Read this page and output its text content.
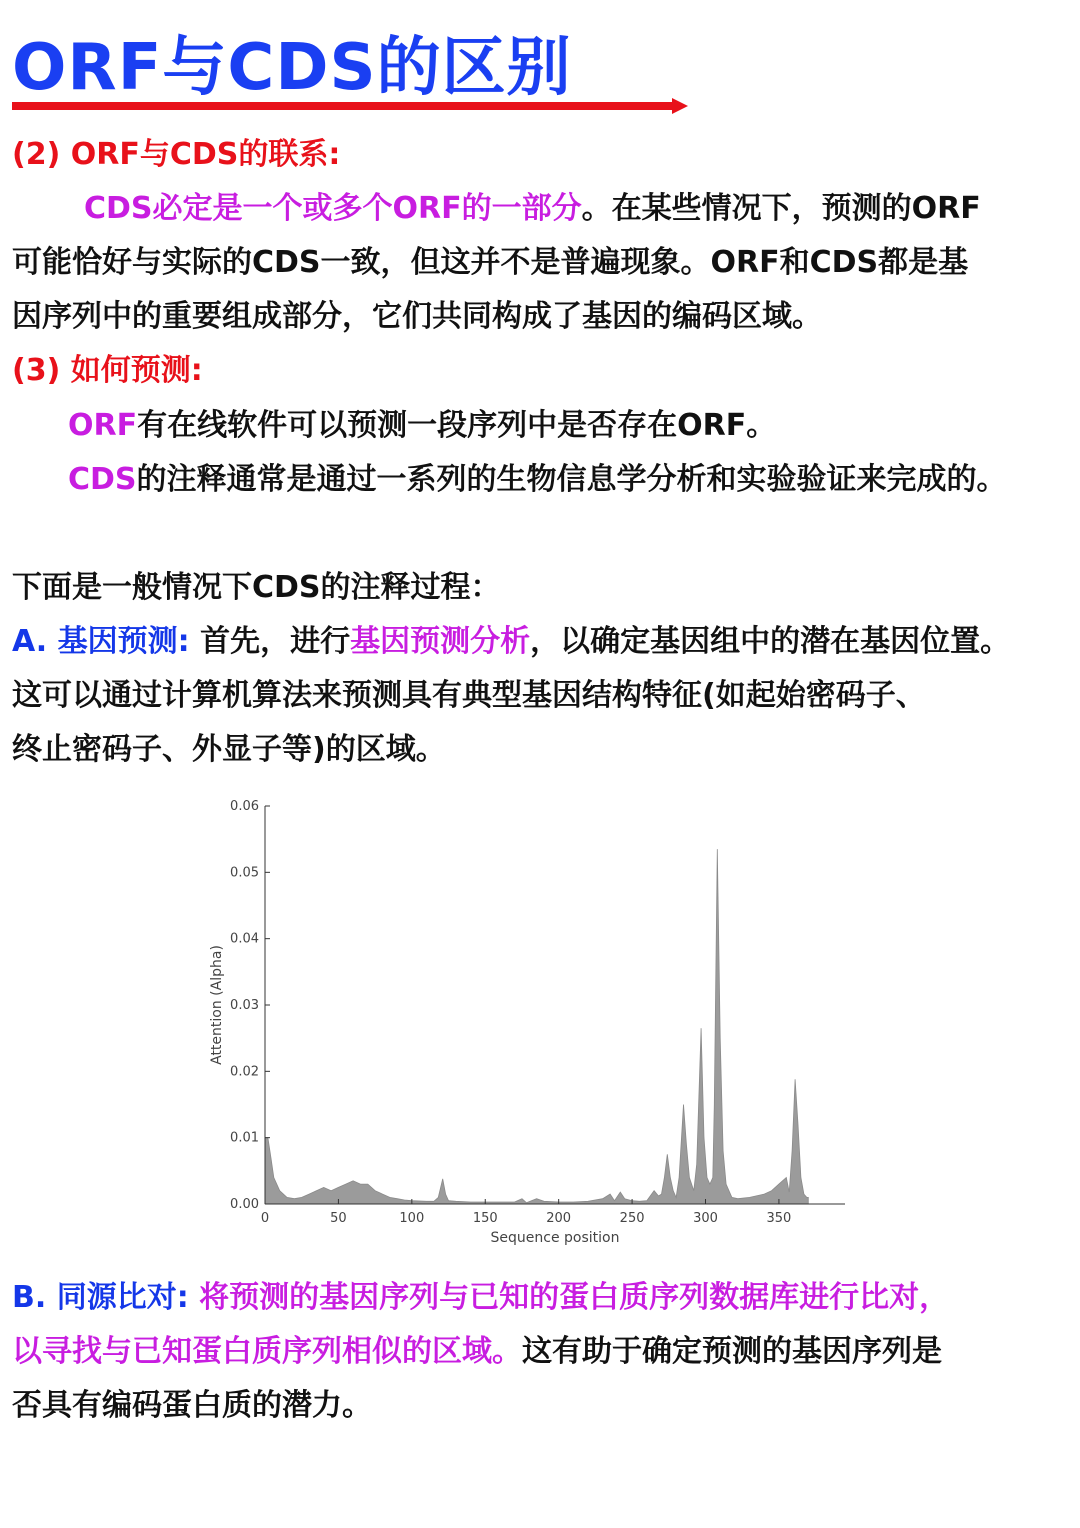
ORF与CDS的区别
(2) ORF与CDS的联系:
CDS必定是一个或多个ORF的一部分。在某些情况下，预测的ORF
可能恰好与实际的CDS一致，但这并不是普遍现象。ORF和CDS都是基
因序列中的重要组成部分，它们共同构成了基因的编码区域。
(3) 如何预测:
ORF有在线软件可以预测一段序列中是否存在ORF。
CDS的注释通常是通过一系列的生物信息学分析和实验验证来完成的。
下面是一般情况下CDS的注释过程：
A. 基因预测: 首先，进行基因预测分析，以确定基因组中的潜在基因位置。
这可以通过计算机算法来预测具有典型基因结构特征(如起始密码子、
终止密码子、外显子等)的区域。
0.00
0.01
0.02
0.03
0.04
0.05
0.06
0	50	100	150	200	250	300	350
Sequence position
Attention (Alpha)
B. 同源比对: 将预测的基因序列与已知的蛋白质序列数据库进行比对，
以寻找与已知蛋白质序列相似的区域。这有助于确定预测的基因序列是
否具有编码蛋白质的潜力。
